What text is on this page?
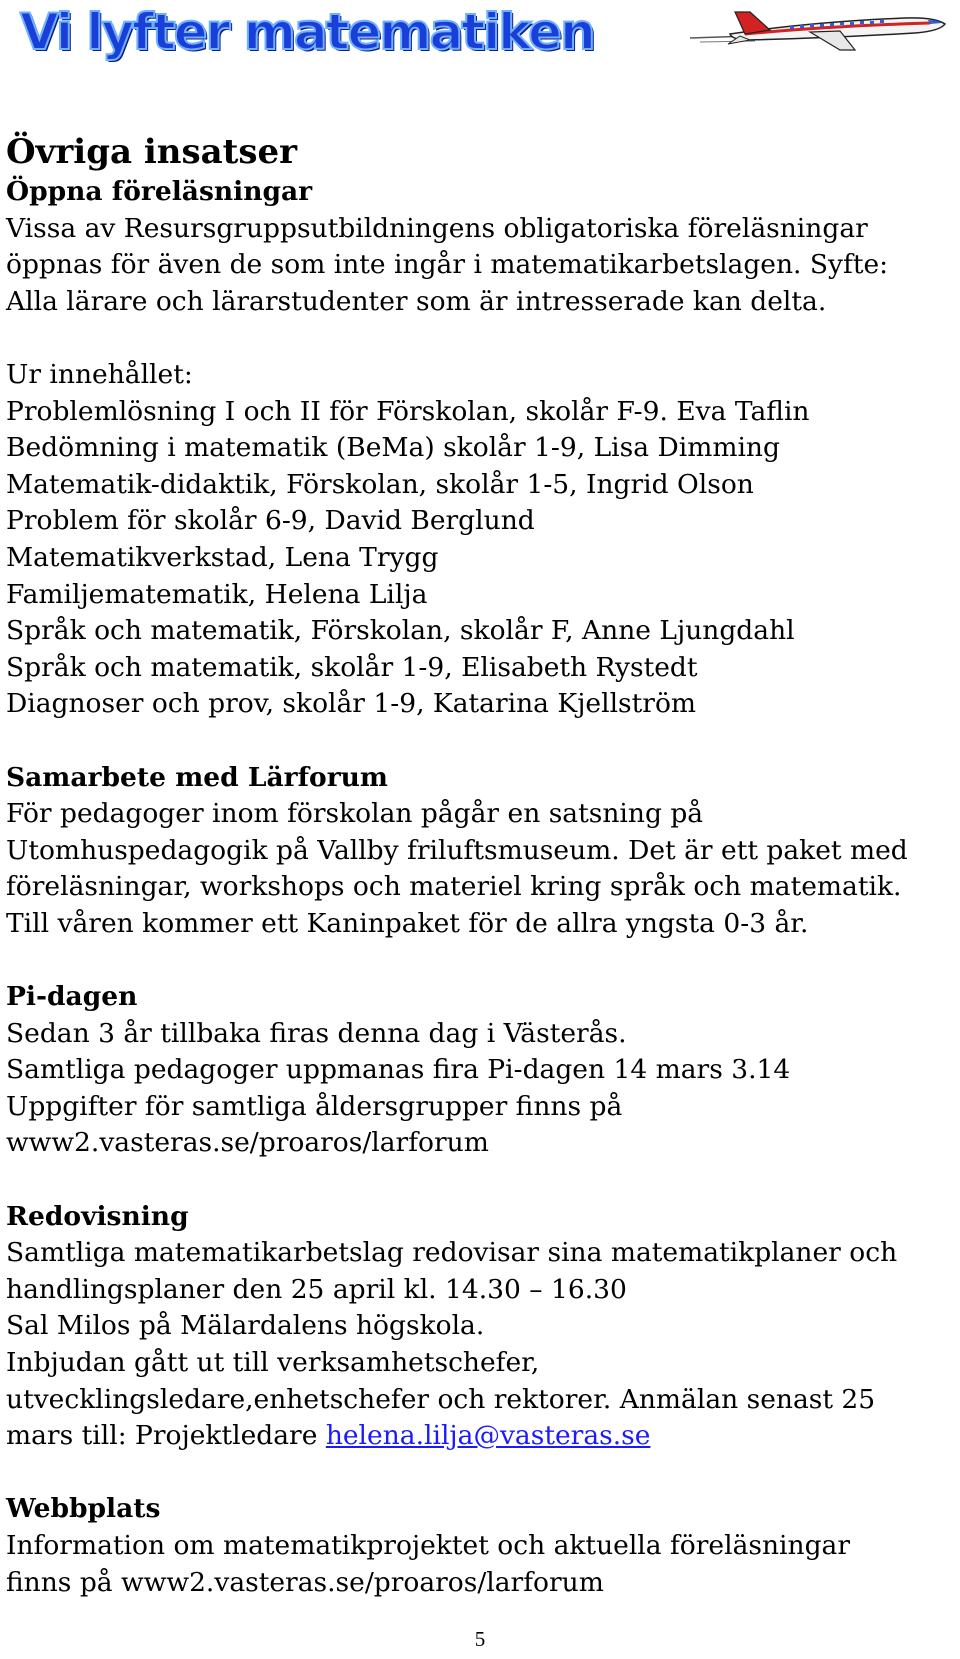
Vi lyfter matematiken

Övriga insatser

Öppna föreläsningar

Vissa av Resursgruppsutbildningens obligatoriska föreläsningar

öppnas för även de som inte ingår i matematikarbetslagen. Syfte:

Alla lärare och lärarstudenter som är intresserade kan delta.

Ur innehållet:

Problemlösning I och II för Förskolan, skolår F-9. Eva Taflin

Bedömning i matematik (BeMa) skolår 1-9, Lisa Dimming

Matematik-didaktik, Förskolan, skolår 1-5, Ingrid Olson

Problem för skolår 6-9, David Berglund

Matematikverkstad, Lena Trygg

Familjematematik, Helena Lilja

Språk och matematik, Förskolan, skolår F, Anne Ljungdahl

Språk och matematik, skolår 1-9, Elisabeth Rystedt

Diagnoser och prov, skolår 1-9, Katarina Kjellström

Samarbete med Lärforum

För pedagoger inom förskolan pågår en satsning på

Utomhuspedagogik på Vallby friluftsmuseum. Det är ett paket med

föreläsningar, workshops och materiel kring språk och matematik.

Till våren kommer ett Kaninpaket för de allra yngsta 0-3 år.

Pi-dagen

Sedan 3 år tillbaka firas denna dag i Västerås.

Samtliga pedagoger uppmanas fira Pi-dagen 14 mars 3.14

Uppgifter för samtliga åldersgrupper finns på

www2.vasteras.se/proaros/larforum

Redovisning

Samtliga matematikarbetslag redovisar sina matematikplaner och

handlingsplaner den 25 april kl. 14.30 – 16.30

Sal Milos på Mälardalens högskola.

Inbjudan gått ut till verksamhetschefer,

utvecklingsledare,enhetschefer och rektorer. Anmälan senast 25

mars till: Projektledare helena.lilja@vasteras.se

Webbplats

Information om matematikprojektet och aktuella föreläsningar

finns på www2.vasteras.se/proaros/larforum

5
